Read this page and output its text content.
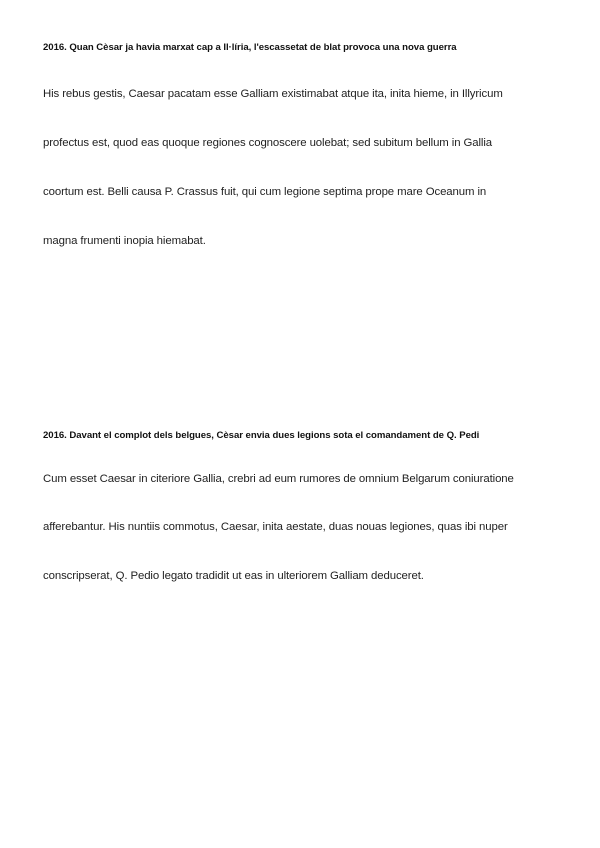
2016. Quan Cèsar ja havia marxat cap a Il·líria, l'escassetat de blat provoca una nova guerra
His rebus gestis, Caesar pacatam esse Galliam existimabat atque ita, inita hieme, in Illyricum
profectus est, quod eas quoque regiones cognoscere uolebat; sed subitum bellum in Gallia
coortum est. Belli causa P. Crassus fuit, qui cum legione septima prope mare Oceanum in
magna frumenti inopia hiemabat.
2016. Davant el complot dels belgues, Cèsar envia dues legions sota el comandament de Q. Pedi
Cum esset Caesar in citeriore Gallia, crebri ad eum rumores de omnium Belgarum coniuratione
afferebantur. His nuntiis commotus, Caesar, inita aestate, duas nouas legiones, quas ibi nuper
conscripserat, Q. Pedio legato tradidit ut eas in ulteriorem Galliam deduceret.
